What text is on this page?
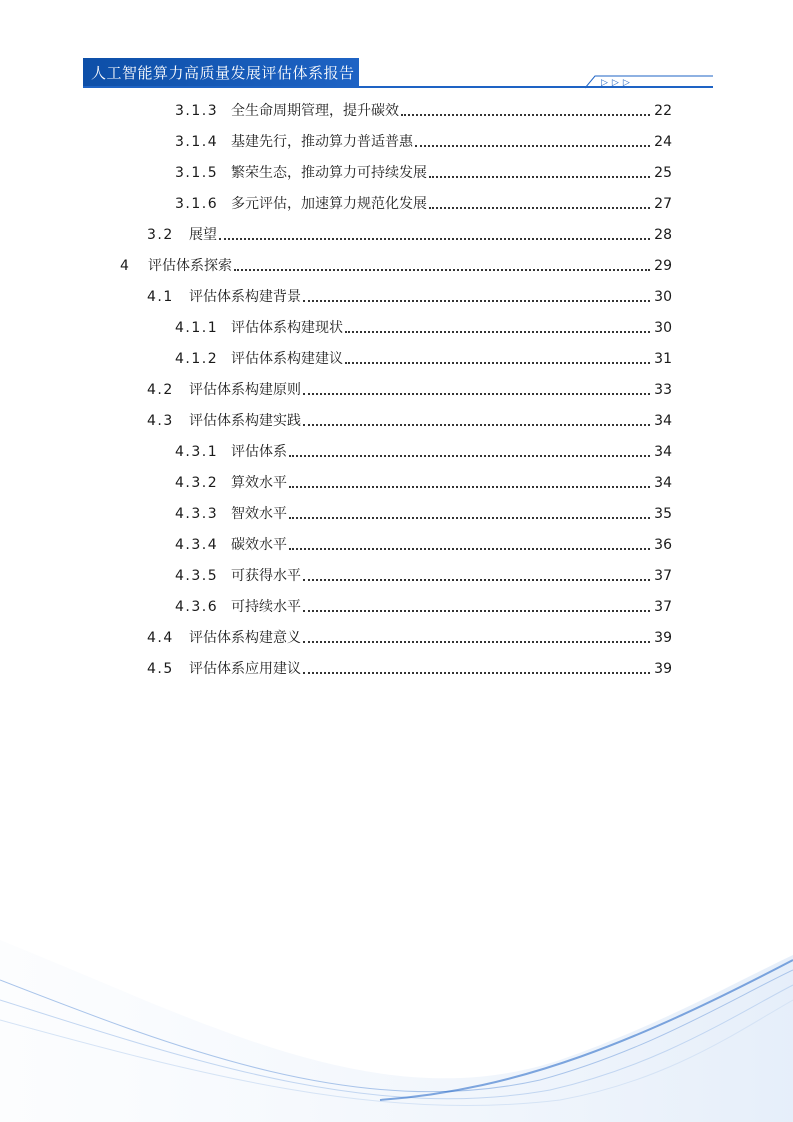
人工智能算力高质量发展评估体系报告
▷▷▷
3.1.3 全生命周期管理，提升碳效	22
3.1.4 基建先行，推动算力普适普惠	24
3.1.5 繁荣生态，推动算力可持续发展	25
3.1.6 多元评估，加速算力规范化发展	27
3.2	展望	28
4	评估体系探索	29
4.1	评估体系构建背景	30
4.1.1 评估体系构建现状	30
4.1.2 评估体系构建建议	31
4.2	评估体系构建原则	33
4.3	评估体系构建实践	34
4.3.1 评估体系	34
4.3.2 算效水平	34
4.3.3 智效水平	35
4.3.4 碳效水平	36
4.3.5 可获得水平	37
4.3.6 可持续水平	37
4.4	评估体系构建意义	39
4.5	评估体系应用建议	39
